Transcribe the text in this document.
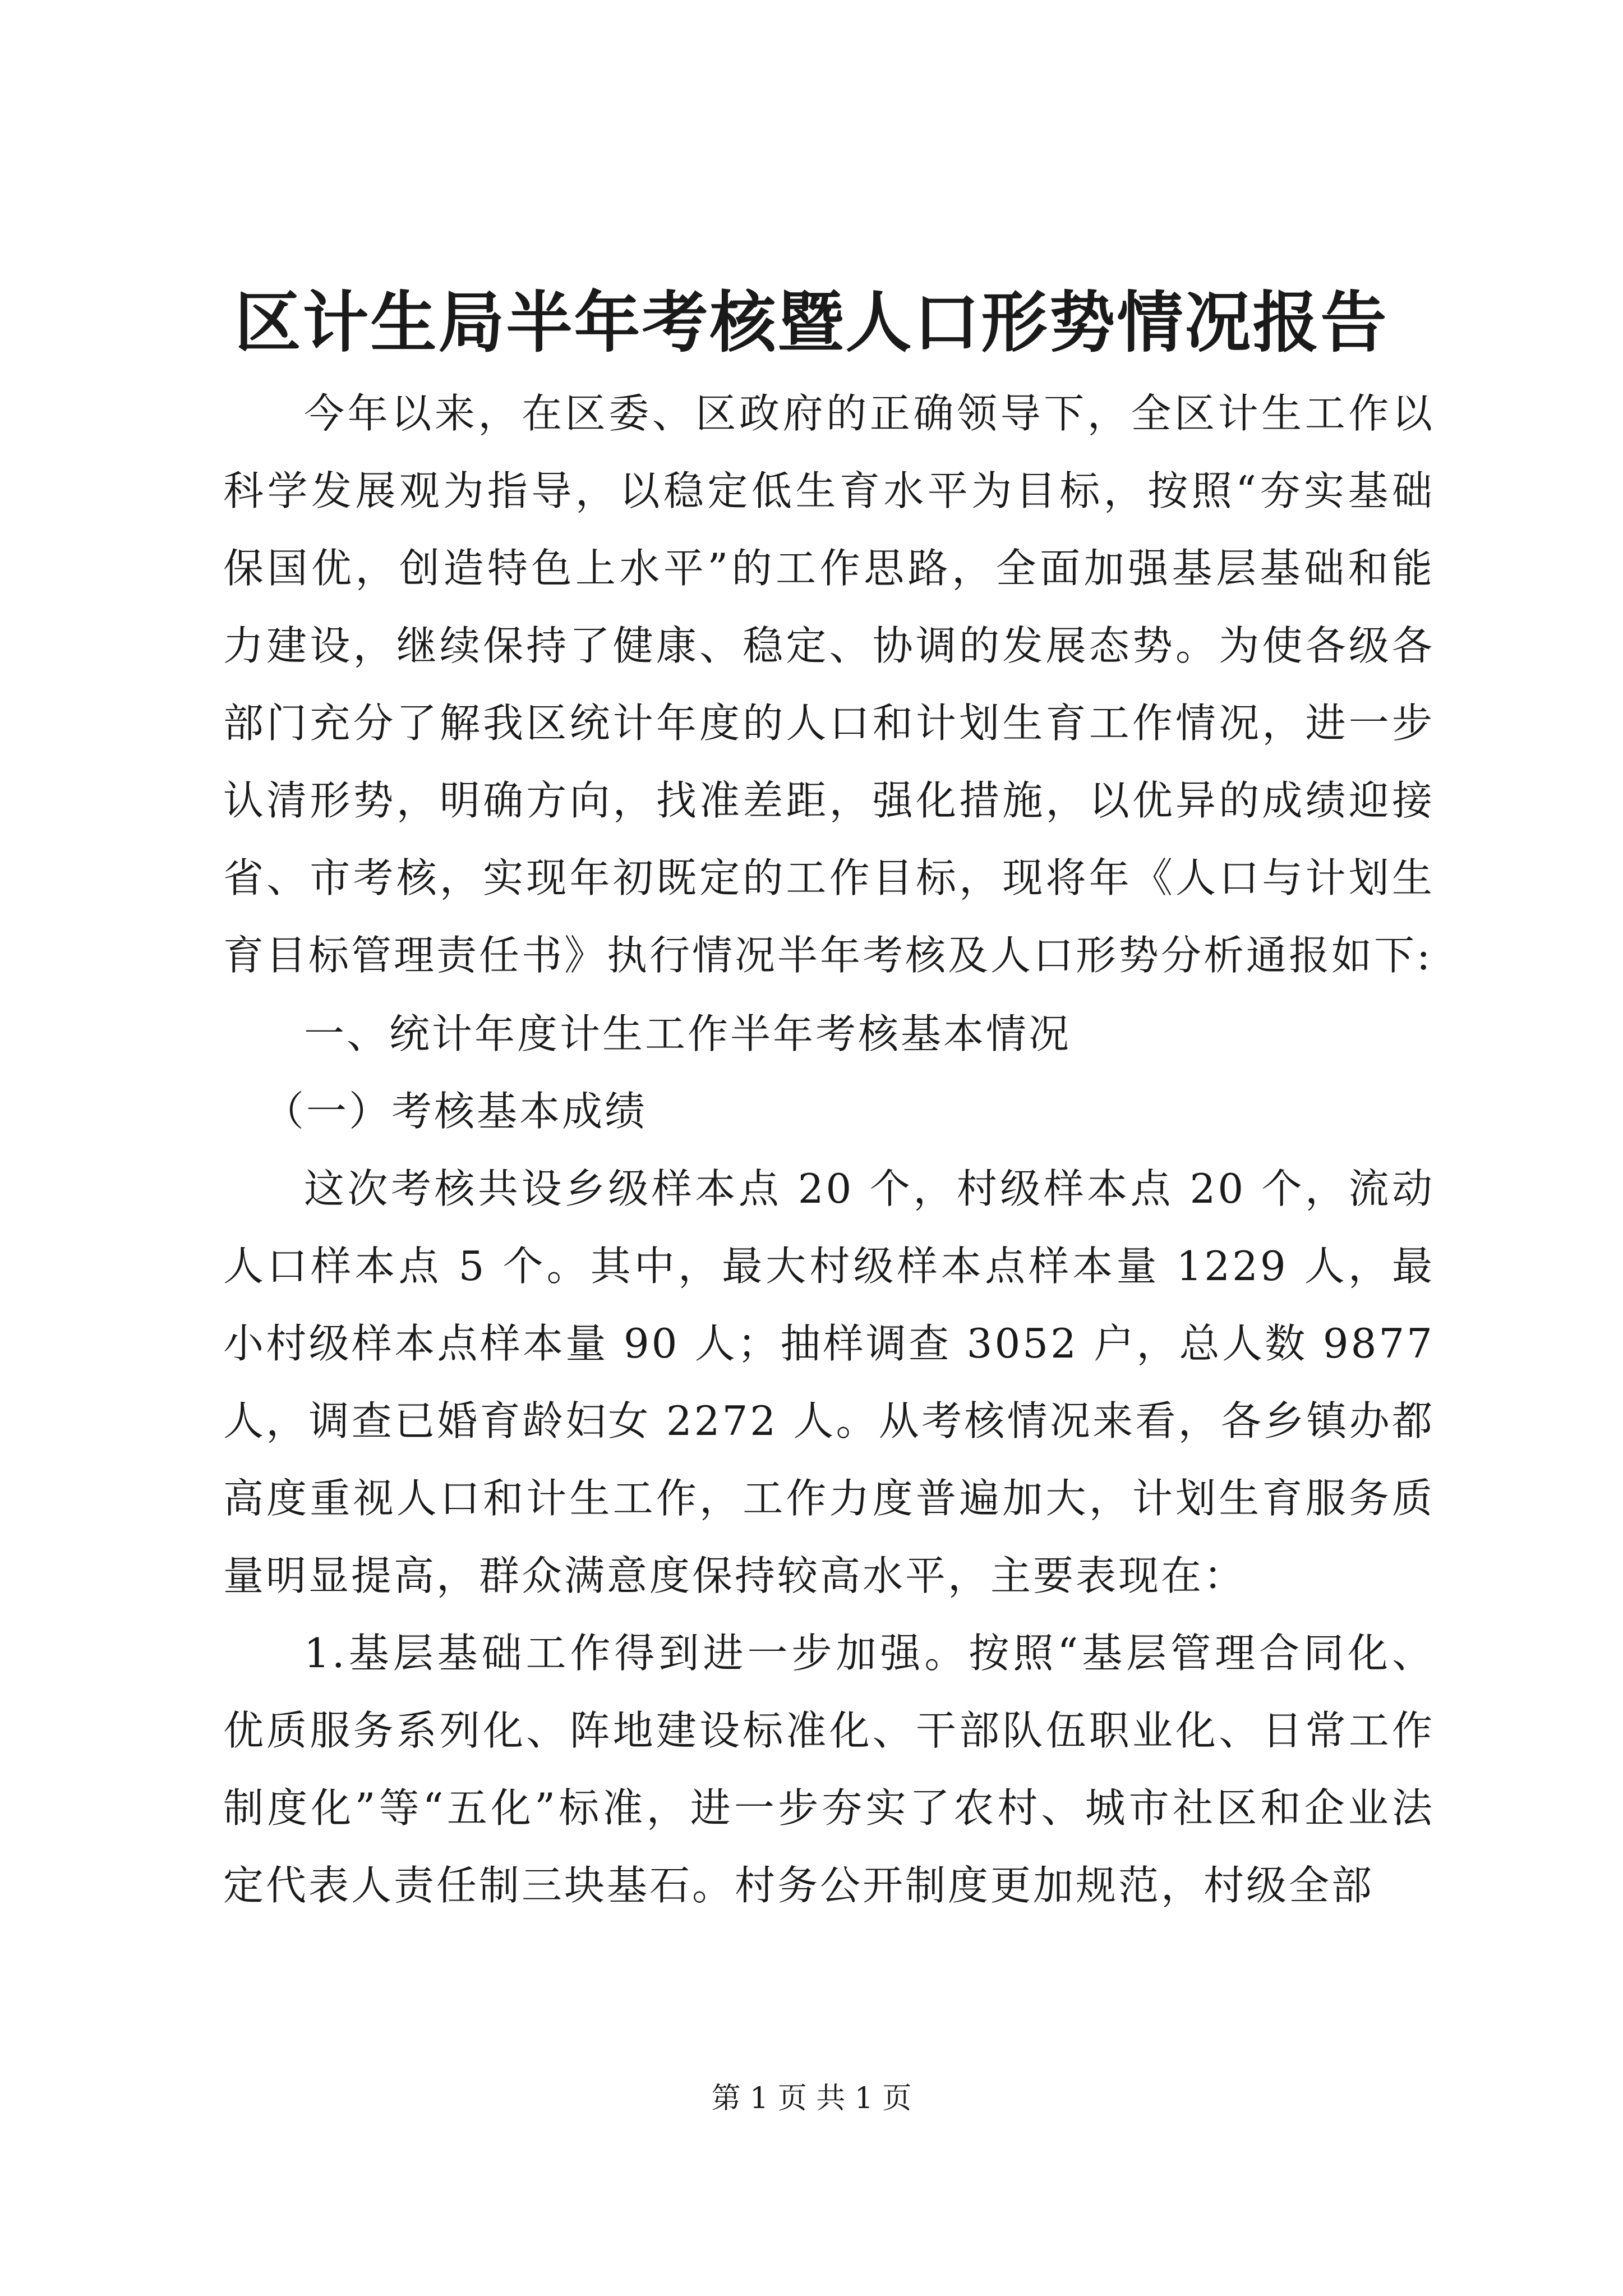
区计生局半年考核暨人口形势情况报告

今年以来，在区委、区政府的正确领导下，全区计生工作以科学发展观为指导，以稳定低生育水平为目标，按照“夯实基础保国优，创造特色上水平”的工作思路，全面加强基层基础和能力建设，继续保持了健康、稳定、协调的发展态势。为使各级各部门充分了解我区统计年度的人口和计划生育工作情况，进一步认清形势，明确方向，找准差距，强化措施，以优异的成绩迎接省、市考核，实现年初既定的工作目标，现将年《人口与计划生育目标管理责任书》执行情况半年考核及人口形势分析通报如下:

一、统计年度计生工作半年考核基本情况

（一）考核基本成绩

这次考核共设乡级样本点 20 个，村级样本点 20 个，流动人口样本点 5 个。其中，最大村级样本点样本量 1229 人，最小村级样本点样本量 90 人；抽样调查 3052 户，总人数 9877 人，调查已婚育龄妇女 2272 人。从考核情况来看，各乡镇办都高度重视人口和计生工作，工作力度普遍加大，计划生育服务质量明显提高，群众满意度保持较高水平，主要表现在：

1.基层基础工作得到进一步加强。按照“基层管理合同化、优质服务系列化、阵地建设标准化、干部队伍职业化、日常工作制度化”等“五化”标准，进一步夯实了农村、城市社区和企业法定代表人责任制三块基石。村务公开制度更加规范，村级全部

第 1 页 共 1 页
